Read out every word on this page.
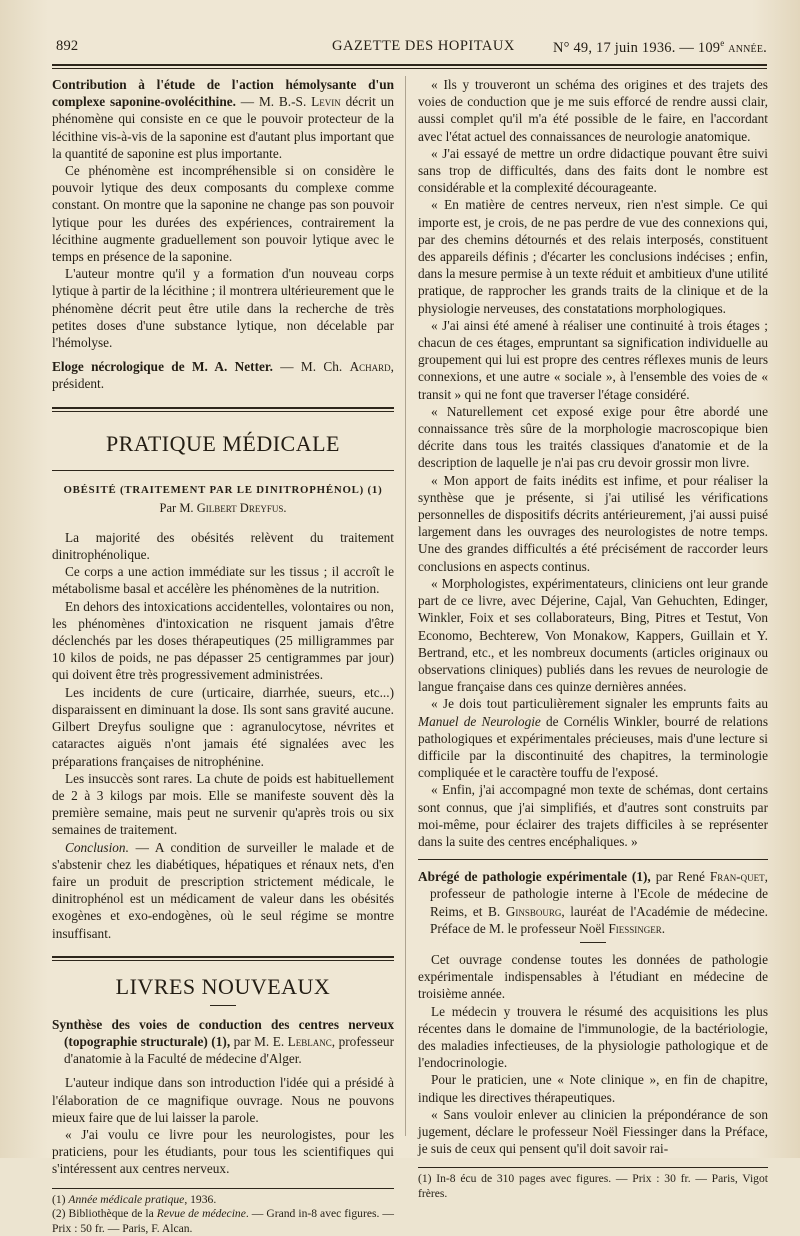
892	GAZETTE DES HOPITAUX	N° 49, 17 juin 1936. — 109e année.

Contribution à l'étude de l'action hémolysante d'un complexe saponine-ovolécithine. — M. B.-S. Levin décrit un phénomène qui consiste en ce que le pouvoir protecteur de la lécithine vis-à-vis de la saponine est d'autant plus important que la quantité de saponine est plus importante.

Ce phénomène est incompréhensible si on considère le pouvoir lytique des deux composants du complexe comme constant. On montre que la saponine ne change pas son pouvoir lytique pour les durées des expériences, contrairement la lécithine augmente graduellement son pouvoir lytique avec le temps en présence de la saponine.

L'auteur montre qu'il y a formation d'un nouveau corps lytique à partir de la lécithine ; il montrera ultérieurement que le phénomène décrit peut être utile dans la recherche de très petites doses d'une substance lytique, non décelable par l'hémolyse.

Eloge nécrologique de M. A. Netter. — M. Ch. Achard, président.

PRATIQUE MÉDICALE
OBÉSITÉ (TRAITEMENT PAR LE DINITROPHÉNOL) (1)
Par M. Gilbert Dreyfus.

La majorité des obésités relèvent du traitement dinitrophénolique.

Ce corps a une action immédiate sur les tissus ; il accroît le métabolisme basal et accélère les phénomènes de la nutrition.

En dehors des intoxications accidentelles, volontaires ou non, les phénomènes d'intoxication ne risquent jamais d'être déclenchés par les doses thérapeutiques (25 milligrammes par 10 kilos de poids, ne pas dépasser 25 centigrammes par jour) qui doivent être très progressivement administrées.

Les incidents de cure (urticaire, diarrhée, sueurs, etc...) disparaissent en diminuant la dose. Ils sont sans gravité aucune. Gilbert Dreyfus souligne que : agranulocytose, névrites et cataractes aiguës n'ont jamais été signalées avec les préparations françaises de nitrophénine.

Les insuccès sont rares. La chute de poids est habituellement de 2 à 3 kilogs par mois. Elle se manifeste souvent dès la première semaine, mais peut ne survenir qu'après trois ou six semaines de traitement.

Conclusion. — A condition de surveiller le malade et de s'abstenir chez les diabétiques, hépatiques et rénaux nets, d'en faire un produit de prescription strictement médicale, le dinitrophénol est un médicament de valeur dans les obésités exogènes et exo-endogènes, où le seul régime se montre insuffisant.

LIVRES NOUVEAUX

Synthèse des voies de conduction des centres nerveux (topographie structurale) (1), par M. E. Leblanc, professeur d'anatomie à la Faculté de médecine d'Alger.

L'auteur indique dans son introduction l'idée qui a présidé à l'élaboration de ce magnifique ouvrage. Nous ne pouvons mieux faire que de lui laisser la parole.

« J'ai voulu ce livre pour les neurologistes, pour les praticiens, pour les étudiants, pour tous les scientifiques qui s'intéressent aux centres nerveux.

(1) Année médicale pratique, 1936.

(2) Bibliothèque de la Revue de médecine. — Grand in-8 avec figures. — Prix : 50 fr. — Paris, F. Alcan.

« Ils y trouveront un schéma des origines et des trajets des voies de conduction que je me suis efforcé de rendre aussi clair, aussi complet qu'il m'a été possible de le faire, en l'accordant avec l'état actuel des connaissances de neurologie anatomique.

« J'ai essayé de mettre un ordre didactique pouvant être suivi sans trop de difficultés, dans des faits dont le nombre est considérable et la complexité décourageante.

« En matière de centres nerveux, rien n'est simple. Ce qui importe est, je crois, de ne pas perdre de vue des connexions qui, par des chemins détournés et des relais interposés, constituent des appareils définis ; d'écarter les conclusions indécises ; enfin, dans la mesure permise à un texte réduit et ambitieux d'une utilité pratique, de rapprocher les grands traits de la clinique et de la physiologie nerveuses, des constatations morphologiques.

« J'ai ainsi été amené à réaliser une continuité à trois étages ; chacun de ces étages, empruntant sa signification individuelle au groupement qui lui est propre des centres réflexes munis de leurs connexions, et une autre « sociale », à l'ensemble des voies de « transit » qui ne font que traverser l'étage considéré.

« Naturellement cet exposé exige pour être abordé une connaissance très sûre de la morphologie macroscopique bien décrite dans tous les traités classiques d'anatomie et de la description de laquelle je n'ai pas cru devoir grossir mon livre.

« Mon apport de faits inédits est infime, et pour réaliser la synthèse que je présente, si j'ai utilisé les vérifications personnelles de dispositifs décrits antérieurement, j'ai aussi puisé largement dans les ouvrages des neurologistes de notre temps. Une des grandes difficultés a été précisément de raccorder leurs conclusions en aspects continus.

« Morphologistes, expérimentateurs, cliniciens ont leur grande part de ce livre, avec Déjerine, Cajal, Van Gehuchten, Edinger, Winkler, Foix et ses collaborateurs, Bing, Pitres et Testut, Von Economo, Bechterew, Von Monakow, Kappers, Guillain et Y. Bertrand, etc., et les nombreux documents (articles originaux ou observations cliniques) publiés dans les revues de neurologie de langue française dans ces quinze dernières années.

« Je dois tout particulièrement signaler les emprunts faits au Manuel de Neurologie de Cornélis Winkler, bourré de relations pathologiques et expérimentales précieuses, mais d'une lecture si difficile par la discontinuité des chapitres, la terminologie compliquée et le caractère touffu de l'exposé.

« Enfin, j'ai accompagné mon texte de schémas, dont certains sont connus, que j'ai simplifiés, et d'autres sont construits par moi-même, pour éclairer des trajets difficiles à se représenter dans la suite des centres encéphaliques. »

Abrégé de pathologie expérimentale (1), par René Fran-quet, professeur de pathologie interne à l'Ecole de médecine de Reims, et B. Ginsbourg, lauréat de l'Académie de médecine. Préface de M. le professeur Noël Fiessinger.

Cet ouvrage condense toutes les données de pathologie expérimentale indispensables à l'étudiant en médecine de troisième année.

Le médecin y trouvera le résumé des acquisitions les plus récentes dans le domaine de l'immunologie, de la bactériologie, des maladies infectieuses, de la physiologie pathologique et de l'endocrinologie.

Pour le praticien, une « Note clinique », en fin de chapitre, indique les directives thérapeutiques.

« Sans vouloir enlever au clinicien la prépondérance de son jugement, déclare le professeur Noël Fiessinger dans la Préface, je suis de ceux qui pensent qu'il doit savoir rai-

(1) In-8 écu de 310 pages avec figures. — Prix : 30 fr. — Paris, Vigot frères.
